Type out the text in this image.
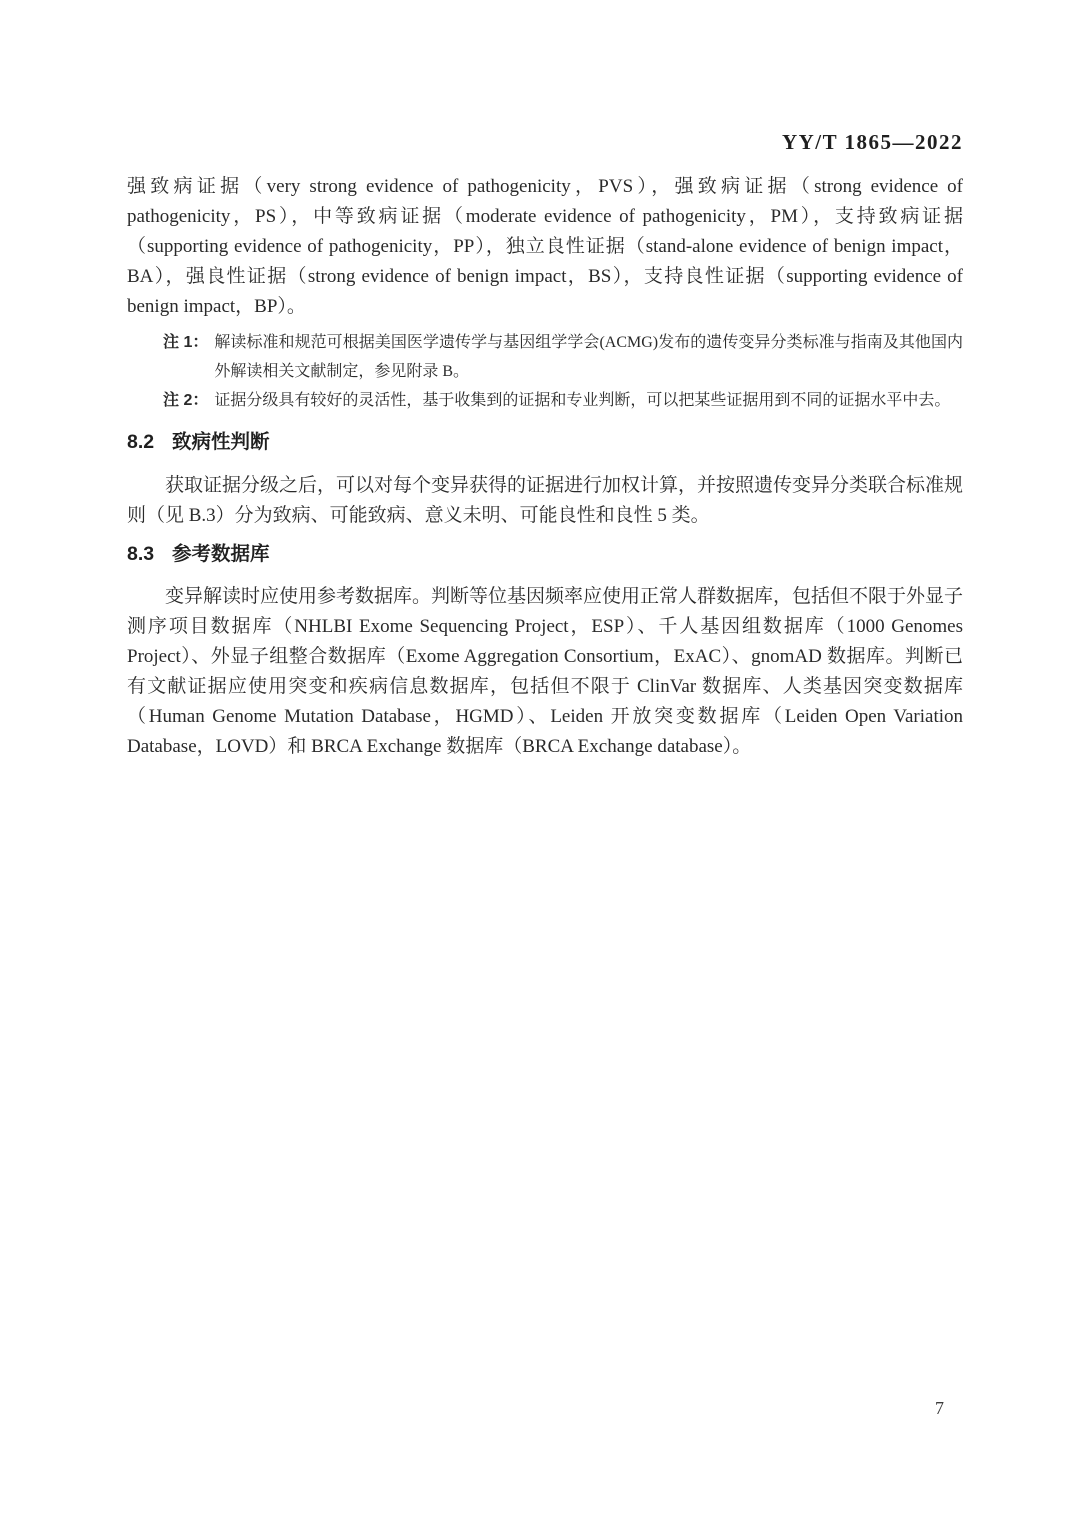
YY/T 1865—2022

强致病证据（very strong evidence of pathogenicity，PVS），强致病证据（strong evidence of pathogenicity，PS），中等致病证据（moderate evidence of pathogenicity，PM），支持致病证据（supporting evidence of pathogenicity，PP），独立良性证据（stand-alone evidence of benign impact，BA），强良性证据（strong evidence of benign impact，BS），支持良性证据（supporting evidence of benign impact，BP）。

注 1： 解读标准和规范可根据美国医学遗传学与基因组学学会(ACMG)发布的遗传变异分类标准与指南及其他国内外解读相关文献制定，参见附录 B。
注 2： 证据分级具有较好的灵活性，基于收集到的证据和专业判断，可以把某些证据用到不同的证据水平中去。
8.2 致病性判断

获取证据分级之后，可以对每个变异获得的证据进行加权计算，并按照遗传变异分类联合标准规则（见 B.3）分为致病、可能致病、意义未明、可能良性和良性 5 类。

8.3 参考数据库

变异解读时应使用参考数据库。判断等位基因频率应使用正常人群数据库，包括但不限于外显子测序项目数据库（NHLBI Exome Sequencing Project，ESP）、千人基因组数据库（1000 Genomes Project）、外显子组整合数据库（Exome Aggregation Consortium，ExAC）、gnomAD 数据库。判断已有文献证据应使用突变和疾病信息数据库，包括但不限于 ClinVar 数据库、人类基因突变数据库（Human Genome Mutation Database，HGMD）、Leiden 开放突变数据库（Leiden Open Variation Database，LOVD）和 BRCA Exchange 数据库（BRCA Exchange database）。

7
